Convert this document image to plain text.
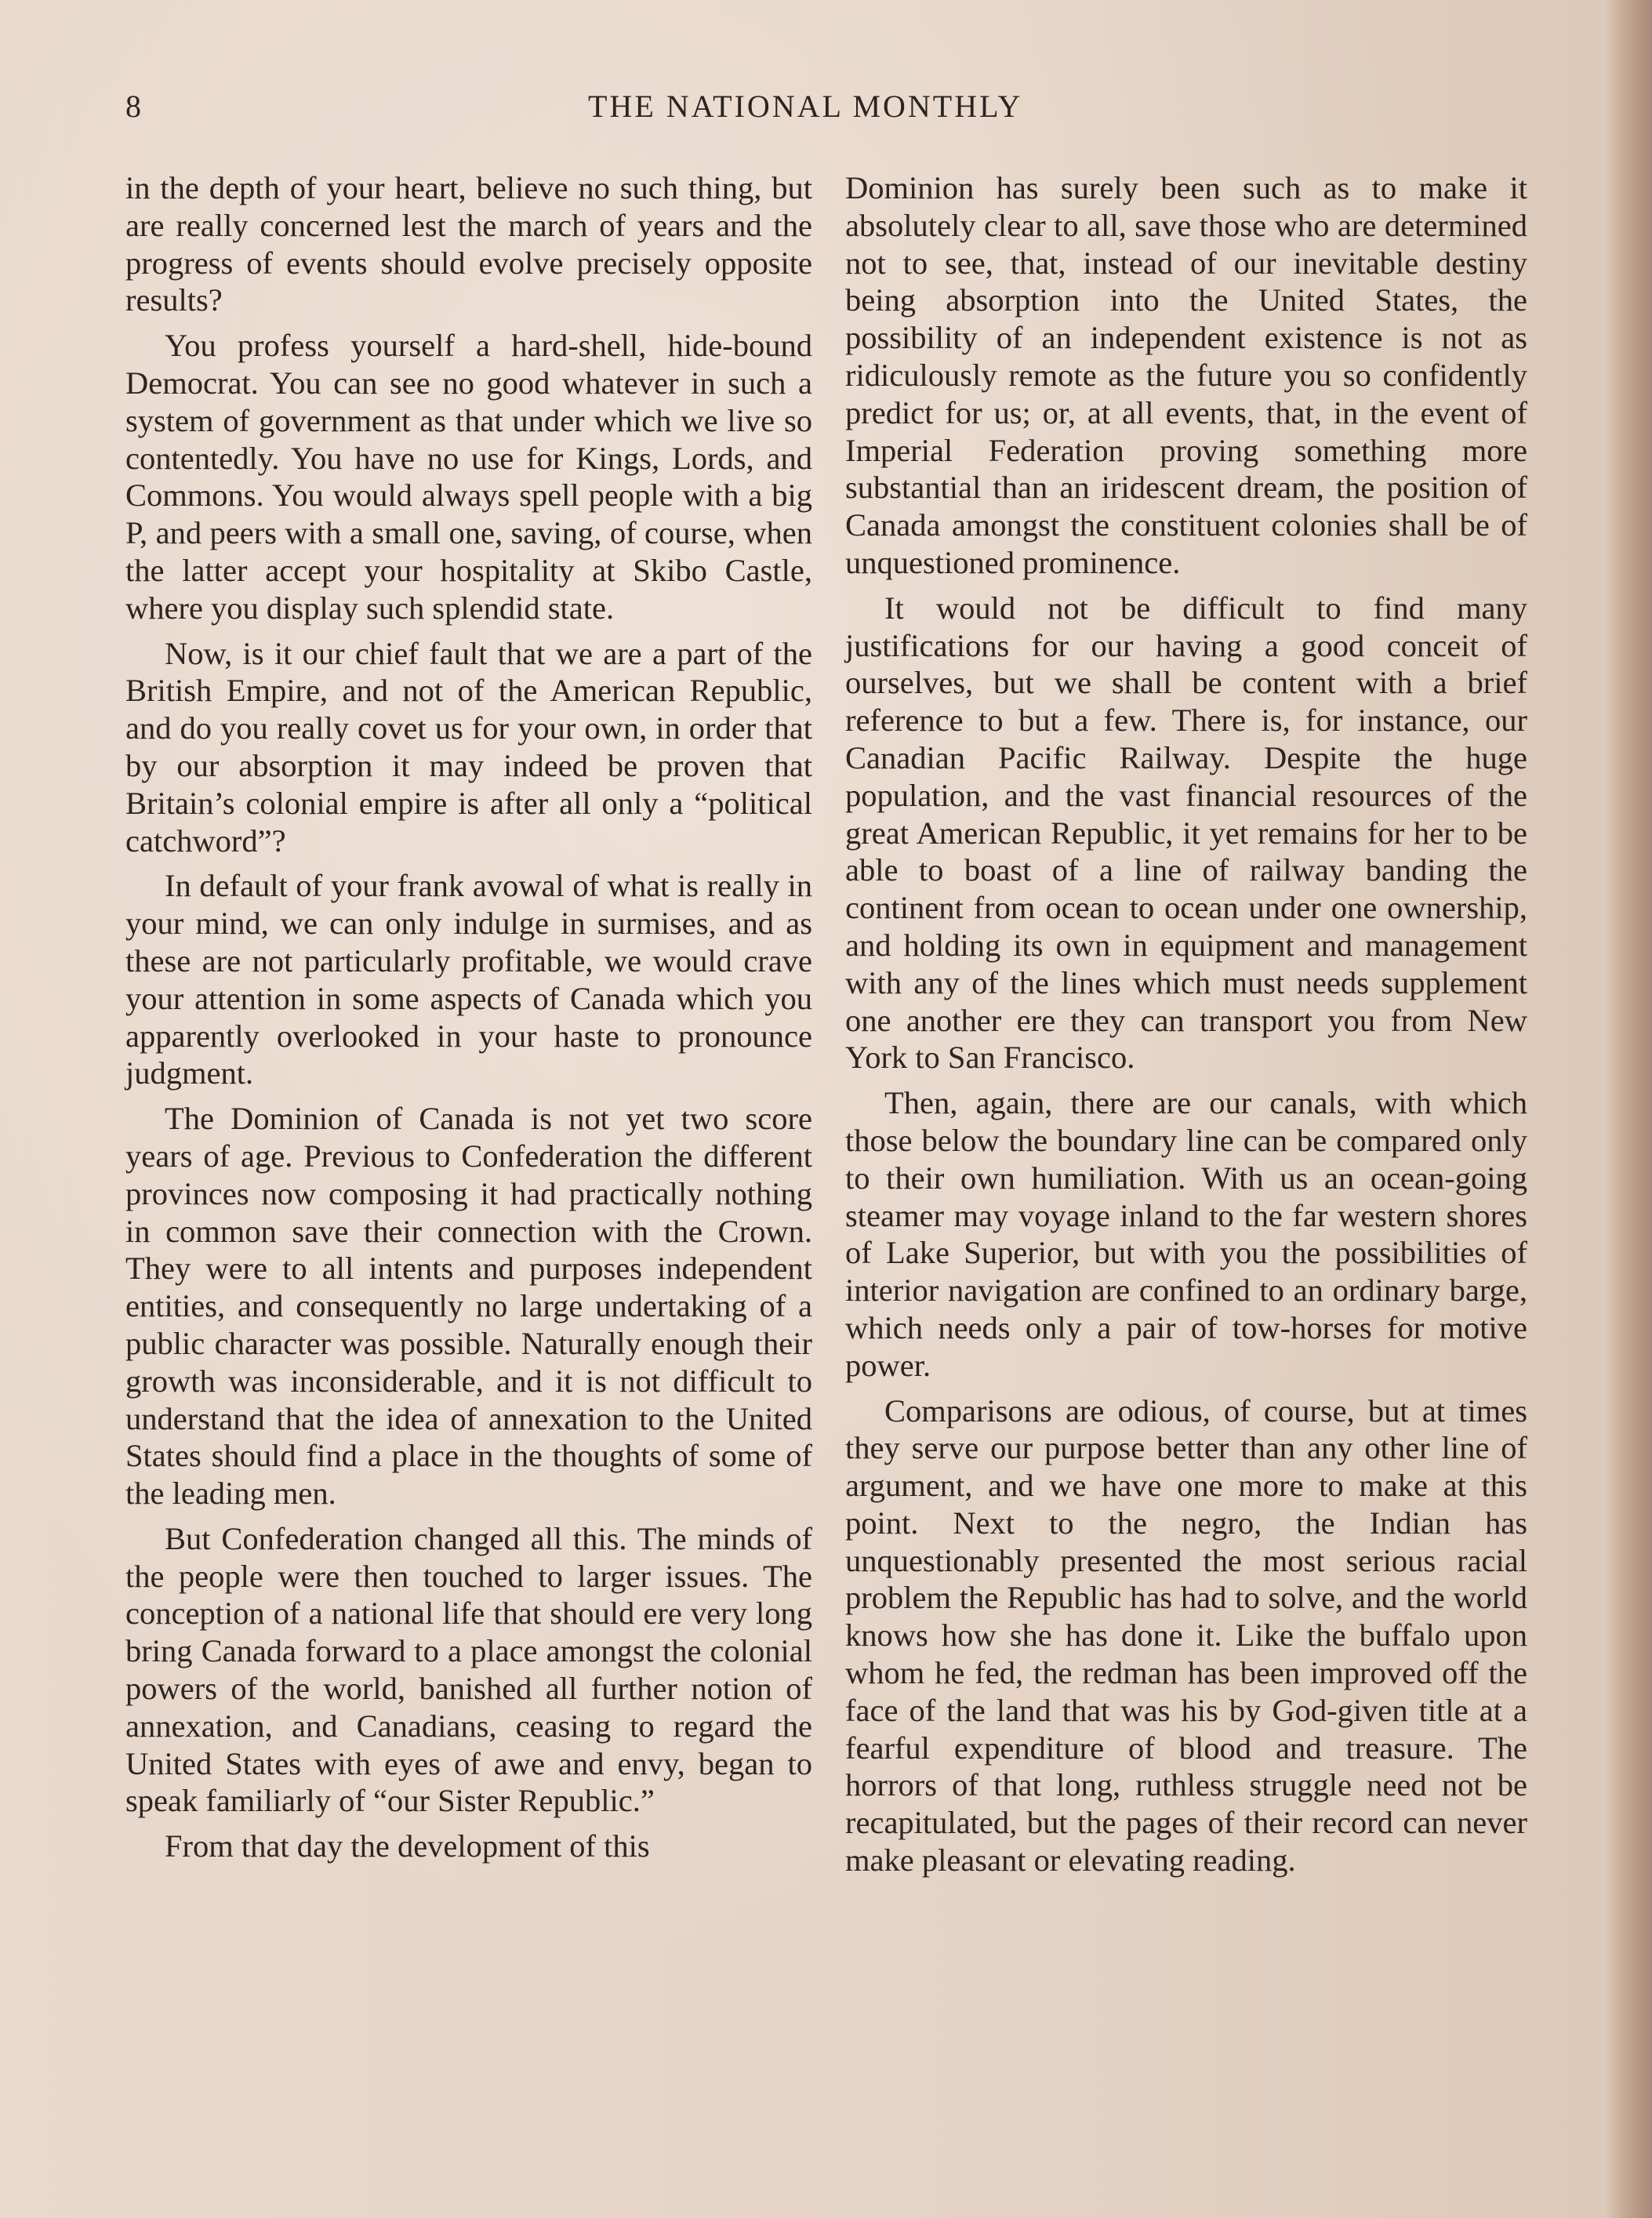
8	THE NATIONAL MONTHLY

in the depth of your heart, believe no such thing, but are really concerned lest the march of years and the progress of events should evolve precisely opposite results?

You profess yourself a hard-shell, hide-bound Democrat. You can see no good whatever in such a system of government as that under which we live so contentedly. You have no use for Kings, Lords, and Commons. You would always spell people with a big P, and peers with a small one, saving, of course, when the latter accept your hospitality at Skibo Castle, where you display such splendid state.

Now, is it our chief fault that we are a part of the British Empire, and not of the American Republic, and do you really covet us for your own, in order that by our absorption it may indeed be proven that Britain’s colonial empire is after all only a “political catchword”?

In default of your frank avowal of what is really in your mind, we can only indulge in surmises, and as these are not particularly profitable, we would crave your attention in some aspects of Canada which you apparently overlooked in your haste to pronounce judgment.

The Dominion of Canada is not yet two score years of age. Previous to Confederation the different provinces now composing it had practically nothing in common save their connection with the Crown. They were to all intents and purposes independent entities, and consequently no large undertaking of a public character was possible. Naturally enough their growth was inconsiderable, and it is not difficult to understand that the idea of annexation to the United States should find a place in the thoughts of some of the leading men.

But Confederation changed all this. The minds of the people were then touched to larger issues. The conception of a national life that should ere very long bring Canada forward to a place amongst the colonial powers of the world, banished all further notion of annexation, and Canadians, ceasing to regard the United States with eyes of awe and envy, began to speak familiarly of “our Sister Republic.”

From that day the development of this

Dominion has surely been such as to make it absolutely clear to all, save those who are determined not to see, that, instead of our inevitable destiny being absorption into the United States, the possibility of an independent existence is not as ridiculously remote as the future you so confidently predict for us; or, at all events, that, in the event of Imperial Federation proving something more substantial than an iridescent dream, the position of Canada amongst the constituent colonies shall be of unquestioned prominence.

It would not be difficult to find many justifications for our having a good conceit of ourselves, but we shall be content with a brief reference to but a few. There is, for instance, our Canadian Pacific Railway. Despite the huge population, and the vast financial resources of the great American Republic, it yet remains for her to be able to boast of a line of railway banding the continent from ocean to ocean under one ownership, and holding its own in equipment and management with any of the lines which must needs supplement one another ere they can transport you from New York to San Francisco.

Then, again, there are our canals, with which those below the boundary line can be compared only to their own humiliation. With us an ocean-going steamer may voyage inland to the far western shores of Lake Superior, but with you the possibilities of interior navigation are confined to an ordinary barge, which needs only a pair of tow-horses for motive power.

Comparisons are odious, of course, but at times they serve our purpose better than any other line of argument, and we have one more to make at this point. Next to the negro, the Indian has unquestionably presented the most serious racial problem the Republic has had to solve, and the world knows how she has done it. Like the buffalo upon whom he fed, the redman has been improved off the face of the land that was his by God-given title at a fearful expenditure of blood and treasure. The horrors of that long, ruthless struggle need not be recapitulated, but the pages of their record can never make pleasant or elevating reading.
